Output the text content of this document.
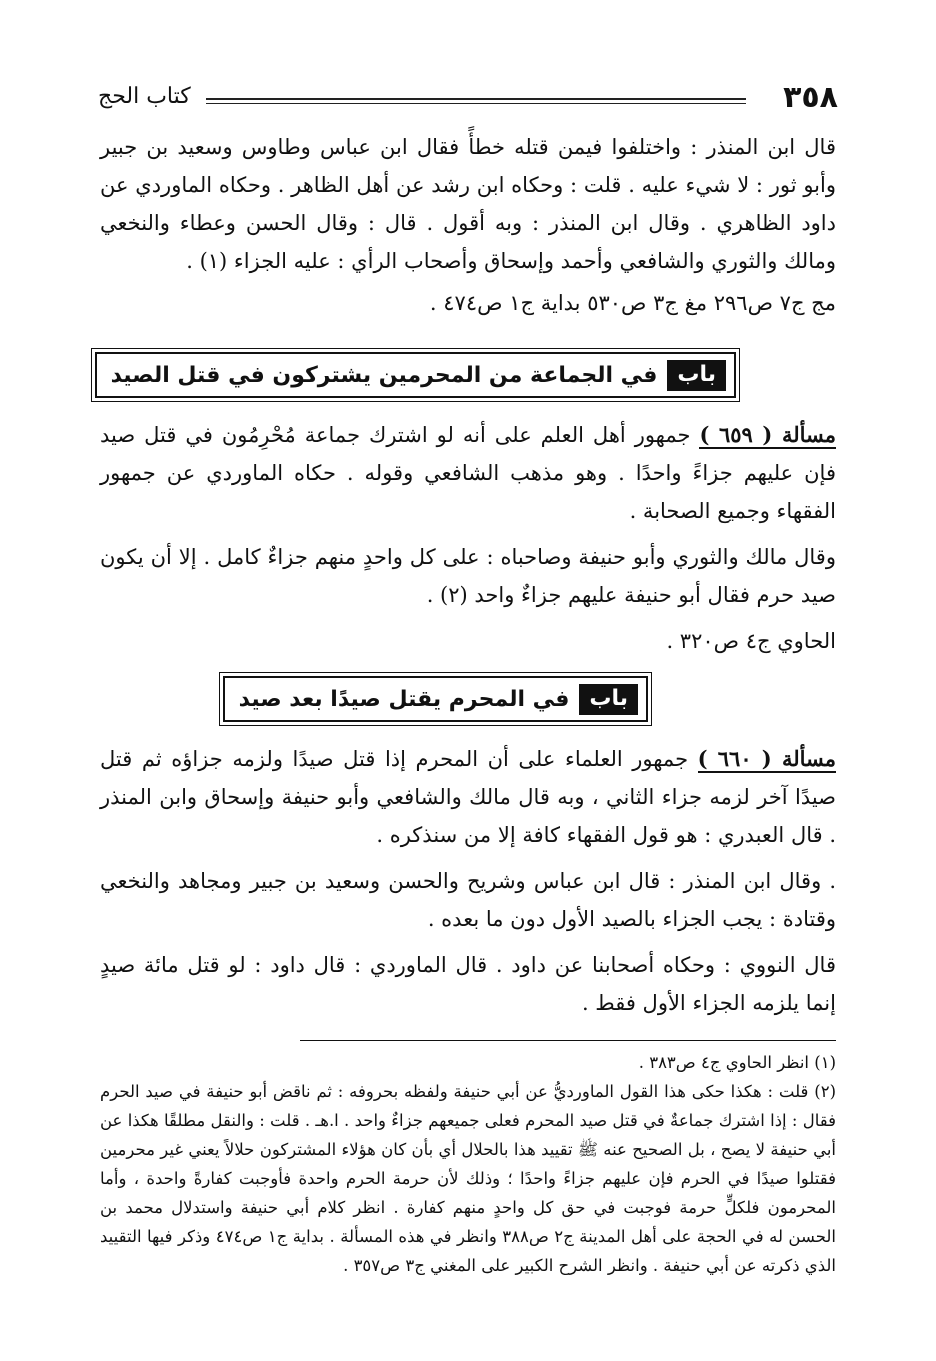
٣٥٨
كتاب الحج

قال ابن المنذر : واختلفوا فيمن قتله خطأً فقال ابن عباس وطاوس وسعيد بن جبير وأبو ثور : لا شيء عليه . قلت : وحكاه ابن رشد عن أهل الظاهر . وحكاه الماوردي عن داود الظاهري . وقال ابن المنذر : وبه أقول . قال : وقال الحسن وعطاء والنخعي ومالك والثوري والشافعي وأحمد وإسحاق وأصحاب الرأي : عليه الجزاء (١) .

مج ج٧ ص٢٩٦ مغ ج٣ ص٥٣٠ بداية ج١ ص٤٧٤ .

باب
في الجماعة من المحرمين يشتركون في قتل الصيد

مسألة ( ٦٥٩ ) جمهور أهل العلم على أنه لو اشترك جماعة مُحْرِمُون في قتل صيد فإن عليهم جزاءً واحدًا . وهو مذهب الشافعي وقوله . حكاه الماوردي عن جمهور الفقهاء وجميع الصحابة .

وقال مالك والثوري وأبو حنيفة وصاحباه : على كل واحدٍ منهم جزاءٌ كامل . إلا أن يكون صيد حرم فقال أبو حنيفة عليهم جزاءٌ واحد (٢) .

الحاوي ج٤ ص٣٢٠ .

باب
في المحرم يقتل صيدًا بعد صيد

مسألة ( ٦٦٠ ) جمهور العلماء على أن المحرم إذا قتل صيدًا ولزمه جزاؤه ثم قتل صيدًا آخر لزمه جزاء الثاني ، وبه قال مالك والشافعي وأبو حنيفة وإسحاق وابن المنذر . قال العبدري : هو قول الفقهاء كافة إلا من سنذكره .

. وقال ابن المنذر : قال ابن عباس وشريح والحسن وسعيد بن جبير ومجاهد والنخعي وقتادة : يجب الجزاء بالصيد الأول دون ما بعده .

قال النووي : وحكاه أصحابنا عن داود . قال الماوردي : قال داود : لو قتل مائة صيدٍ إنما يلزمه الجزاء الأول فقط .

(١) انظر الحاوي ج٤ ص٣٨٣ .

(٢) قلت : هكذا حكى هذا القول الماورديُّ عن أبي حنيفة ولفظه بحروفه : ثم ناقض أبو حنيفة في صيد الحرم فقال : إذا اشترك جماعةٌ في قتل صيد المحرم فعلى جميعهم جزاءٌ واحد . ا.هـ . قلت : والنقل مطلقًا هكذا عن أبي حنيفة لا يصح ، بل الصحيح عنه ﷺ تقييد هذا بالحلال أي بأن كان هؤلاء المشتركون حلالاً يعني غير محرمين فقتلوا صيدًا في الحرم فإن عليهم جزاءً واحدًا ؛ وذلك لأن حرمة الحرم واحدة فأوجبت كفارةً واحدة ، وأما المحرمون فلكلٍّ حرمة فوجبت في حق كل واحدٍ منهم كفارة . انظر كلام أبي حنيفة واستدلال محمد بن الحسن له في الحجة على أهل المدينة ج٢ ص٣٨٨ وانظر في هذه المسألة . بداية ج١ ص٤٧٤ وذكر فيها التقييد الذي ذكرته عن أبي حنيفة . وانظر الشرح الكبير على المغني ج٣ ص٣٥٧ .
